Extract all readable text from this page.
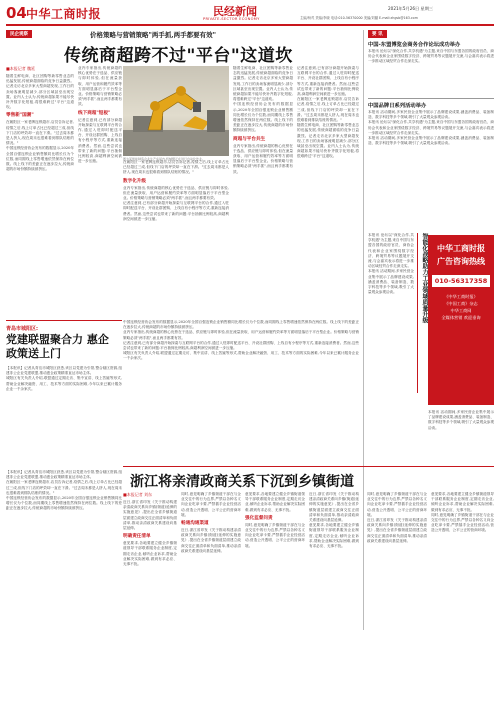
04 中华工商时报	民经新闻
PRIVATE-SECTOR ECONOMY
2021年5月26日 星期三
主编/杨茂 责编/李晓 电话:010-56370000 美编/刘璐 E-mail:zhgsb@163.com
民企观察	价格策略与营销策略"两手抓,两手都要有效"
传统商超跨不过"平台"这道坎
■本报记者 魏延
随着生鲜电商、社区团购等新零售业态的迅猛发展,传统商超面临的竞争日益激烈。记者走访北京多家大型商超发现,工作日的卖场客流明显减少,部分区域甚至出现空置。业内人士认为,传统商超如果不能尽快补齐数字化短板,将很难跨过"平台"这道坎。
零售新"国潮"
在朝阳区一家老牌连锁超市,店员告诉记者,疫情之后,线上订单占比已经超过三成,但线下门店的坪效却一直在下滑。"过去周末都是人挤人,现在周末也很难看到排队结账的情况。"
中国连锁经营协会发布的数据显示,2020年全国百强连锁企业销售额同比增长仅为个位数,而同期线上零售增速依然保持在两位数。线上线下的差距正在逐步拉大,传统商超的市场份额持续被挤压。
业内专家指出,传统商超的核心优势在于选品、供应链与即时体验,但在流量获取、用户运营和履约效率等方面明显落后于平台型企业。价格策略与营销策略必须"两手抓",而且两手都要有效。
线下商超"短板"
记者注意到,已有部分商超开始探索与互联网平台的合作,通过入驻即时配送平台、开设社群团购、上线自有小程序等方式,重新连接消费者。然而,这些尝试也带来了新的问题:平台抽佣比例较高,商超利润空间被进一步压缩。	在朝阳区一家老牌连锁超市,店员告诉记者,疫情之后,线上订单占比已经超过三成,但线下门店的坪效却一直在下滑。"过去周末都是人挤人,现在周末也很难看到排队结账的情况。"
数字化升级
业内专家指出,传统商超的核心优势在于选品、供应链与即时体验,但在流量获取、用户运营和履约效率等方面明显落后于平台型企业。价格策略与营销策略必须"两手抓",而且两手都要有效。
记者注意到,已有部分商超开始探索与互联网平台的合作,通过入驻即时配送平台、开设社群团购、上线自有小程序等方式,重新连接消费者。然而,这些尝试也带来了新的问题:平台抽佣比例较高,商超利润空间被进一步压缩。
随着生鲜电商、社区团购等新零售业态的迅猛发展,传统商超面临的竞争日益激烈。记者走访北京多家大型商超发现,工作日的卖场客流明显减少,部分区域甚至出现空置。业内人士认为,传统商超如果不能尽快补齐数字化短板,将很难跨过"平台"这道坎。
中国连锁经营协会发布的数据显示,2020年全国百强连锁企业销售额同比增长仅为个位数,而同期线上零售增速依然保持在两位数。线上线下的差距正在逐步拉大,传统商超的市场份额持续被挤压。
商超与平台共生
业内专家指出,传统商超的核心优势在于选品、供应链与即时体验,但在流量获取、用户运营和履约效率等方面明显落后于平台型企业。价格策略与营销策略必须"两手抓",而且两手都要有效。
记者注意到,已有部分商超开始探索与互联网平台的合作,通过入驻即时配送平台、开设社群团购、上线自有小程序等方式,重新连接消费者。然而,这些尝试也带来了新的问题:平台抽佣比例较高,商超利润空间被进一步压缩。
在朝阳区一家老牌连锁超市,店员告诉记者,疫情之后,线上订单占比已经超过三成,但线下门店的坪效却一直在下滑。"过去周末都是人挤人,现在周末也很难看到排队结账的情况。"
随着生鲜电商、社区团购等新零售业态的迅猛发展,传统商超面临的竞争日益激烈。记者走访北京多家大型商超发现,工作日的卖场客流明显减少,部分区域甚至出现空置。业内人士认为,传统商超如果不能尽快补齐数字化短板,将很难跨过"平台"这道坎。
青岛市城阳区:
党建联盟聚合力 惠企政策送上门
【本报讯】记者从青岛市城阳区获悉,该区以党建为引领,整合辖区资源,组建非公企业党建联盟,推动惠企政策精准直达市场主体。
城阳区有关负责人介绍,联盟通过定期走访、集中宣讲、线上答疑等形式,帮助企业解决融资、用工、技术等方面的实际困难,今年以来已累计服务企业一千余家次。
中国连锁经营协会发布的数据显示,2020年全国百强连锁企业销售额同比增长仅为个位数,而同期线上零售增速依然保持在两位数。线上线下的差距正在逐步拉大,传统商超的市场份额持续被挤压。
业内专家指出,传统商超的核心优势在于选品、供应链与即时体验,但在流量获取、用户运营和履约效率等方面明显落后于平台型企业。价格策略与营销策略必须"两手抓",而且两手都要有效。
记者注意到,已有部分商超开始探索与互联网平台的合作,通过入驻即时配送平台、开设社群团购、上线自有小程序等方式,重新连接消费者。然而,这些尝试也带来了新的问题:平台抽佣比例较高,商超利润空间被进一步压缩。
城阳区有关负责人介绍,联盟通过定期走访、集中宣讲、线上答疑等形式,帮助企业解决融资、用工、技术等方面的实际困难,今年以来已累计服务企业一千余家次。
【本报讯】记者从青岛市城阳区获悉,该区以党建为引领,整合辖区资源,组建非公企业党建联盟,推动惠企政策精准直达市场主体。
在朝阳区一家老牌连锁超市,店员告诉记者,疫情之后,线上订单占比已经超过三成,但线下门店的坪效却一直在下滑。"过去周末都是人挤人,现在周末也很难看到排队结账的情况。"
中国连锁经营协会发布的数据显示,2020年全国百强连锁企业销售额同比增长仅为个位数,而同期线上零售增速依然保持在两位数。线上线下的差距正在逐步拉大,传统商超的市场份额持续被挤压。
浙江将亲清政商关系下沉到乡镇街道
■本报记者 刘东
近日,浙江省印发《关于推动构建亲清政商关系向乡镇(街道)延伸的实施意见》,提出在全省乡镇街道层面建立政商交往正面清单和负面清单,推动亲清政商关系建设向基层延伸。
明确责任清单
意见要求,各地要建立健全乡镇街道领导干部联系服务企业制度,定期走访企业,倾听企业诉求,帮助企业解决实际困难,做到有求必应、无事不扰。
同时,意见明确了乡镇街道干部在与企业交往中的行为边界,严禁以各种名义向企业吃拿卡要,严禁插手企业经营活动,营造公开透明、公平公正的营商环境。
畅通沟通渠道
近日,浙江省印发《关于推动构建亲清政商关系向乡镇(街道)延伸的实施意见》,提出在全省乡镇街道层面建立政商交往正面清单和负面清单,推动亲清政商关系建设向基层延伸。
意见要求,各地要建立健全乡镇街道领导干部联系服务企业制度,定期走访企业,倾听企业诉求,帮助企业解决实际困难,做到有求必应、无事不扰。
强化监督问责
同时,意见明确了乡镇街道干部在与企业交往中的行为边界,严禁以各种名义向企业吃拿卡要,严禁插手企业经营活动,营造公开透明、公平公正的营商环境。
近日,浙江省印发《关于推动构建亲清政商关系向乡镇(街道)延伸的实施意见》,提出在全省乡镇街道层面建立政商交往正面清单和负面清单,推动亲清政商关系建设向基层延伸。
意见要求,各地要建立健全乡镇街道领导干部联系服务企业制度,定期走访企业,倾听企业诉求,帮助企业解决实际困难,做到有求必应、无事不扰。
同时,意见明确了乡镇街道干部在与企业交往中的行为边界,严禁以各种名义向企业吃拿卡要,严禁插手企业经营活动,营造公开透明、公平公正的营商环境。
近日,浙江省印发《关于推动构建亲清政商关系向乡镇(街道)延伸的实施意见》,提出在全省乡镇街道层面建立政商交往正面清单和负面清单,推动亲清政商关系建设向基层延伸。
意见要求,各地要建立健全乡镇街道领导干部联系服务企业制度,定期走访企业,倾听企业诉求,帮助企业解决实际困难,做到有求必应、无事不扰。
同时,意见明确了乡镇街道干部在与企业交往中的行为边界,严禁以各种名义向企业吃拿卡要,严禁插手企业经营活动,营造公开透明、公平公正的营商环境。
要 讯
中国-东盟博览会商务合作论坛成功举办
本报讯 论坛以"深化合作,共享机遇"为主题,来自中国与东盟各国的政府官员、商协会代表和企业家围绕数字经济、跨境贸易等议题展开交流,与会嘉宾表示将进一步推动区域经贸合作走深走实。
中国品牌日系列活动举办
本报讯 活动期间,多家民营企业集中展示了品牌建设成果,涵盖消费品、装备制造、数字科技等多个领域,吸引了大量观众参观洽谈。
本报讯 论坛以"深化合作,共享机遇"为主题,来自中国与东盟各国的政府官员、商协会代表和企业家围绕数字经济、跨境贸易等议题展开交流,与会嘉宾表示将进一步推动区域经贸合作走深走实。
本报讯 活动期间,多家民营企业集中展示了品牌建设成果,涵盖消费品、装备制造、数字科技等多个领域,吸引了大量观众参观洽谈。
智能化战略助力工业领域质量升级
本报讯 论坛以"深化合作,共享机遇"为主题,来自中国与东盟各国的政府官员、商协会代表和企业家围绕数字经济、跨境贸易等议题展开交流,与会嘉宾表示将进一步推动区域经贸合作走深走实。
本报讯 活动期间,多家民营企业集中展示了品牌建设成果,涵盖消费品、装备制造、数字科技等多个领域,吸引了大量观众参观洽谈。
中华工商时报
广告咨询热线
010-56317358
《中华工商时报》
《中国工商》杂志
中华工商网
全媒体营销 欢迎垂询
本报讯 活动期间,多家民营企业集中展示了品牌建设成果,涵盖消费品、装备制造、数字科技等多个领域,吸引了大量观众参观洽谈。
图为某智能制造企业生产车间内,机械臂正在进行自动化作业。
